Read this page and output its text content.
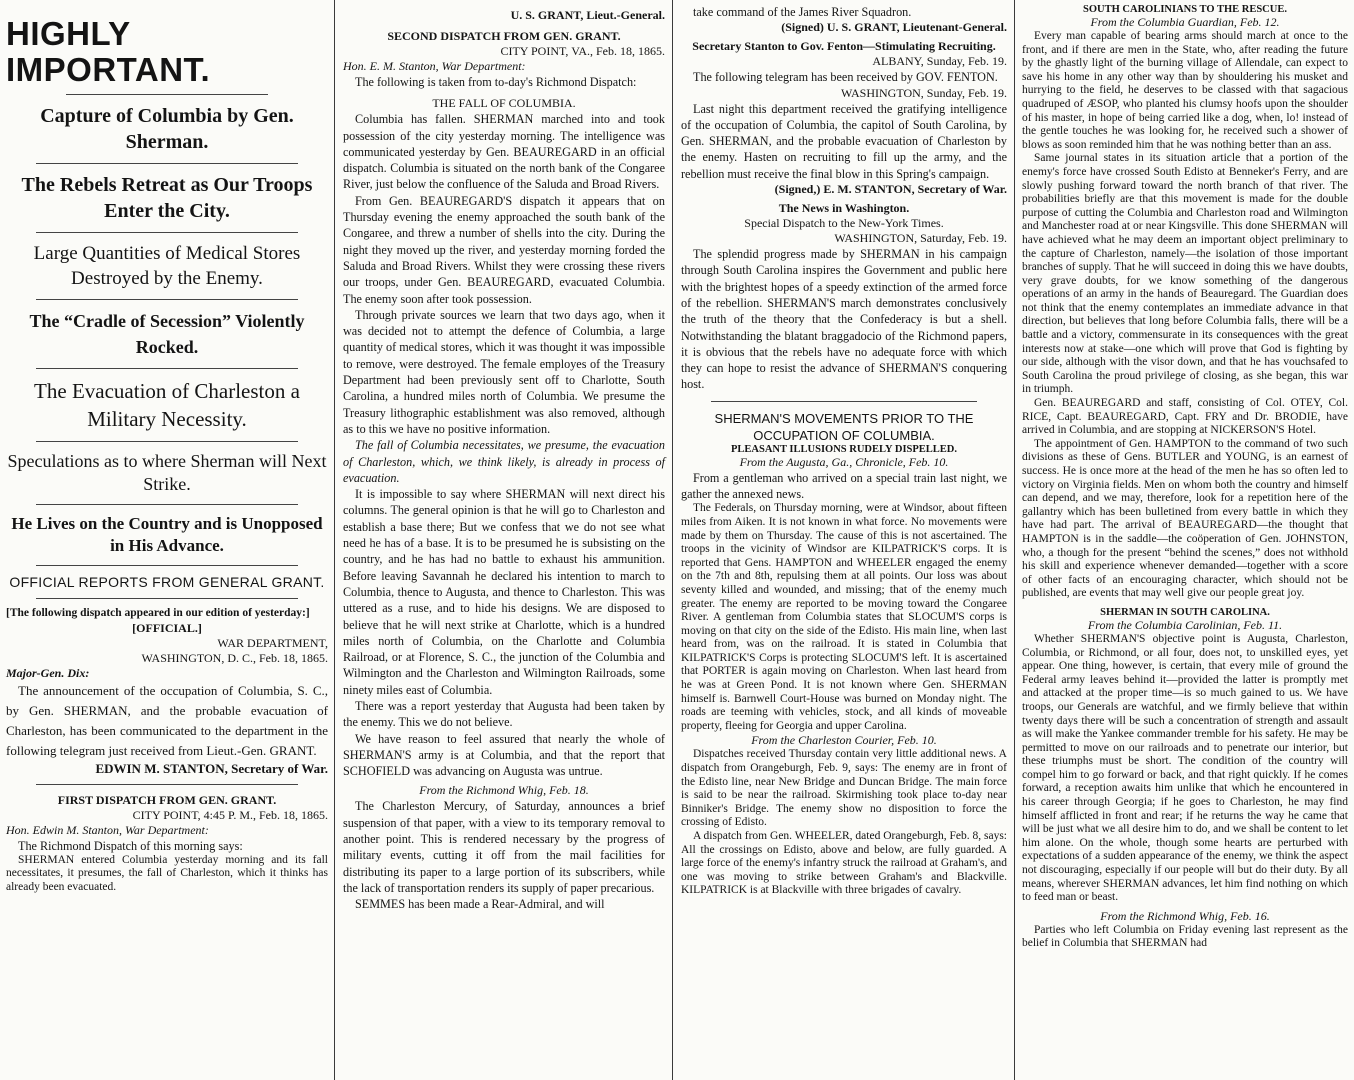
HIGHLY IMPORTANT.
Capture of Columbia by Gen. Sherman.
The Rebels Retreat as Our Troops Enter the City.
Large Quantities of Medical Stores Destroyed by the Enemy.
The “Cradle of Secession” Violently Rocked.
The Evacuation of Charleston a Military Necessity.
Speculations as to where Sherman will Next Strike.
He Lives on the Country and is Unopposed in His Advance.
OFFICIAL REPORTS FROM GENERAL GRANT.
[The following dispatch appeared in our edition of yesterday:]
[OFFICIAL.]
WAR DEPARTMENT,
WASHINGTON, D. C., Feb. 18, 1865.
Major-Gen. Dix:

The announcement of the occupation of Columbia, S. C., by Gen. SHERMAN, and the probable evacuation of Charleston, has been communicated to the department in the following telegram just received from Lieut.-Gen. GRANT.

EDWIN M. STANTON, Secretary of War.
FIRST DISPATCH FROM GEN. GRANT.
CITY POINT, 4:45 P. M., Feb. 18, 1865.
Hon. Edwin M. Stanton, War Department:

The Richmond Dispatch of this morning says:

SHERMAN entered Columbia yesterday morning and its fall necessitates, it presumes, the fall of Charleston, which it thinks has already been evacuated.

U. S. GRANT, Lieut.-General.
SECOND DISPATCH FROM GEN. GRANT.
CITY POINT, VA., Feb. 18, 1865.
Hon. E. M. Stanton, War Department:

The following is taken from to-day's Richmond Dispatch:

THE FALL OF COLUMBIA.

Columbia has fallen. SHERMAN marched into and took possession of the city yesterday morning. The intelligence was communicated yesterday by Gen. BEAUREGARD in an official dispatch. Columbia is situated on the north bank of the Congaree River, just below the confluence of the Saluda and Broad Rivers.

From Gen. BEAUREGARD'S dispatch it appears that on Thursday evening the enemy approached the south bank of the Congaree, and threw a number of shells into the city. During the night they moved up the river, and yesterday morning forded the Saluda and Broad Rivers. Whilst they were crossing these rivers our troops, under Gen. BEAUREGARD, evacuated Columbia. The enemy soon after took possession.

Through private sources we learn that two days ago, when it was decided not to attempt the defence of Columbia, a large quantity of medical stores, which it was thought it was impossible to remove, were destroyed. The female employes of the Treasury Department had been previously sent off to Charlotte, South Carolina, a hundred miles north of Columbia. We presume the Treasury lithographic establishment was also removed, although as to this we have no positive information.

The fall of Columbia necessitates, we presume, the evacuation of Charleston, which, we think likely, is already in process of evacuation.

It is impossible to say where SHERMAN will next direct his columns. The general opinion is that he will go to Charleston and establish a base there; But we confess that we do not see what need he has of a base. It is to be presumed he is subsisting on the country, and he has had no battle to exhaust his ammunition. Before leaving Savannah he declared his intention to march to Columbia, thence to Augusta, and thence to Charleston. This was uttered as a ruse, and to hide his designs. We are disposed to believe that he will next strike at Charlotte, which is a hundred miles north of Columbia, on the Charlotte and Columbia Railroad, or at Florence, S. C., the junction of the Columbia and Wilmington and the Charleston and Wilmington Railroads, some ninety miles east of Columbia.

There was a report yesterday that Augusta had been taken by the enemy. This we do not believe.

We have reason to feel assured that nearly the whole of SHERMAN'S army is at Columbia, and that the report that SCHOFIELD was advancing on Augusta was untrue.

From the Richmond Whig, Feb. 18.

The Charleston Mercury, of Saturday, announces a brief suspension of that paper, with a view to its temporary removal to another point. This is rendered necessary by the progress of military events, cutting it off from the mail facilities for distributing its paper to a large portion of its subscribers, while the lack of transportation renders its supply of paper precarious.

SEMMES has been made a Rear-Admiral, and will

take command of the James River Squadron.

(Signed) U. S. GRANT, Lieutenant-General.
Secretary Stanton to Gov. Fenton—Stimulating Recruiting.
ALBANY, Sunday, Feb. 19.

The following telegram has been received by GOV. FENTON.

WASHINGTON, Sunday, Feb. 19.

Last night this department received the gratifying intelligence of the occupation of Columbia, the capitol of South Carolina, by Gen. SHERMAN, and the probable evacuation of Charleston by the enemy. Hasten on recruiting to fill up the army, and the rebellion must receive the final blow in this Spring's campaign.

(Signed,) E. M. STANTON, Secretary of War.
The News in Washington.
Special Dispatch to the New-York Times.
WASHINGTON, Saturday, Feb. 19.

The splendid progress made by SHERMAN in his campaign through South Carolina inspires the Government and public here with the brightest hopes of a speedy extinction of the armed force of the rebellion. SHERMAN'S march demonstrates conclusively the truth of the theory that the Confederacy is but a shell. Notwithstanding the blatant braggadocio of the Richmond papers, it is obvious that the rebels have no adequate force with which they can hope to resist the advance of SHERMAN'S conquering host.

SHERMAN'S MOVEMENTS PRIOR TO THE OCCUPATION OF COLUMBIA.
PLEASANT ILLUSIONS RUDELY DISPELLED.
From the Augusta, Ga., Chronicle, Feb. 10.

From a gentleman who arrived on a special train last night, we gather the annexed news.

The Federals, on Thursday morning, were at Windsor, about fifteen miles from Aiken. It is not known in what force. No movements were made by them on Thursday. The cause of this is not ascertained. The troops in the vicinity of Windsor are KILPATRICK'S corps. It is reported that Gens. HAMPTON and WHEELER engaged the enemy on the 7th and 8th, repulsing them at all points. Our loss was about seventy killed and wounded, and missing; that of the enemy much greater. The enemy are reported to be moving toward the Congaree River. A gentleman from Columbia states that SLOCUM'S corps is moving on that city on the side of the Edisto. His main line, when last heard from, was on the railroad. It is stated in Columbia that KILPATRICK'S Corps is protecting SLOCUM'S left. It is ascertained that PORTER is again moving on Charleston. When last heard from he was at Green Pond. It is not known where Gen. SHERMAN himself is. Barnwell Court-House was burned on Monday night. The roads are teeming with vehicles, stock, and all kinds of moveable property, fleeing for Georgia and upper Carolina.

From the Charleston Courier, Feb. 10.

Dispatches received Thursday contain very little additional news. A dispatch from Orangeburgh, Feb. 9, says: The enemy are in front of the Edisto line, near New Bridge and Duncan Bridge. The main force is said to be near the railroad. Skirmishing took place to-day near Binniker's Bridge. The enemy show no disposition to force the crossing of Edisto.

A dispatch from Gen. WHEELER, dated Orangeburgh, Feb. 8, says: All the crossings on Edisto, above and below, are fully guarded. A large force of the enemy's infantry struck the railroad at Graham's, and one was moving to strike between Graham's and Blackville. KILPATRICK is at Blackville with three brigades of cavalry.

SOUTH CAROLINIANS TO THE RESCUE.
From the Columbia Guardian, Feb. 12.

Every man capable of bearing arms should march at once to the front, and if there are men in the State, who, after reading the future by the ghastly light of the burning village of Allendale, can expect to save his home in any other way than by shouldering his musket and hurrying to the field, he deserves to be classed with that sagacious quadruped of ÆSOP, who planted his clumsy hoofs upon the shoulder of his master, in hope of being carried like a dog, when, lo! instead of the gentle touches he was looking for, he received such a shower of blows as soon reminded him that he was nothing better than an ass.

Same journal states in its situation article that a portion of the enemy's force have crossed South Edisto at Benneker's Ferry, and are slowly pushing forward toward the north branch of that river. The probabilities briefly are that this movement is made for the double purpose of cutting the Columbia and Charleston road and Wilmington and Manchester road at or near Kingsville. This done SHERMAN will have achieved what he may deem an important object preliminary to the capture of Charleston, namely—the isolation of those important branches of supply. That he will succeed in doing this we have doubts, very grave doubts, for we know something of the dangerous operations of an army in the hands of Beauregard. The Guardian does not think that the enemy contemplates an immediate advance in that direction, but believes that long before Columbia falls, there will be a battle and a victory, commensurate in its consequences with the great interests now at stake—one which will prove that God is fighting by our side, although with the visor down, and that he has vouchsafed to South Carolina the proud privilege of closing, as she began, this war in triumph.

Gen. BEAUREGARD and staff, consisting of Col. OTEY, Col. RICE, Capt. BEAUREGARD, Capt. FRY and Dr. BRODIE, have arrived in Columbia, and are stopping at NICKERSON'S Hotel.

The appointment of Gen. HAMPTON to the command of two such divisions as these of Gens. BUTLER and YOUNG, is an earnest of success. He is once more at the head of the men he has so often led to victory on Virginia fields. Men on whom both the country and himself can depend, and we may, therefore, look for a repetition here of the gallantry which has been bulletined from every battle in which they have had part. The arrival of BEAUREGARD—the thought that HAMPTON is in the saddle—the coöperation of Gen. JOHNSTON, who, a though for the present “behind the scenes,” does not withhold his skill and experience whenever demanded—together with a score of other facts of an encouraging character, which should not be published, are events that may well give our people great joy.

SHERMAN IN SOUTH CAROLINA.
From the Columbia Carolinian, Feb. 11.

Whether SHERMAN'S objective point is Augusta, Charleston, Columbia, or Richmond, or all four, does not, to unskilled eyes, yet appear. One thing, however, is certain, that every mile of ground the Federal army leaves behind it—provided the latter is promptly met and attacked at the proper time—is so much gained to us. We have troops, our Generals are watchful, and we firmly believe that within twenty days there will be such a concentration of strength and assault as will make the Yankee commander tremble for his safety. He may be permitted to move on our railroads and to penetrate our interior, but these triumphs must be short. The condition of the country will compel him to go forward or back, and that right quickly. If he comes forward, a reception awaits him unlike that which he encountered in his career through Georgia; if he goes to Charleston, he may find himself afflicted in front and rear; if he returns the way he came that will be just what we all desire him to do, and we shall be content to let him alone. On the whole, though some hearts are perturbed with expectations of a sudden appearance of the enemy, we think the aspect not discouraging, especially if our people will but do their duty. By all means, wherever SHERMAN advances, let him find nothing on which to feed man or beast.

From the Richmond Whig, Feb. 16.

Parties who left Columbia on Friday evening last represent as the belief in Columbia that SHERMAN had
